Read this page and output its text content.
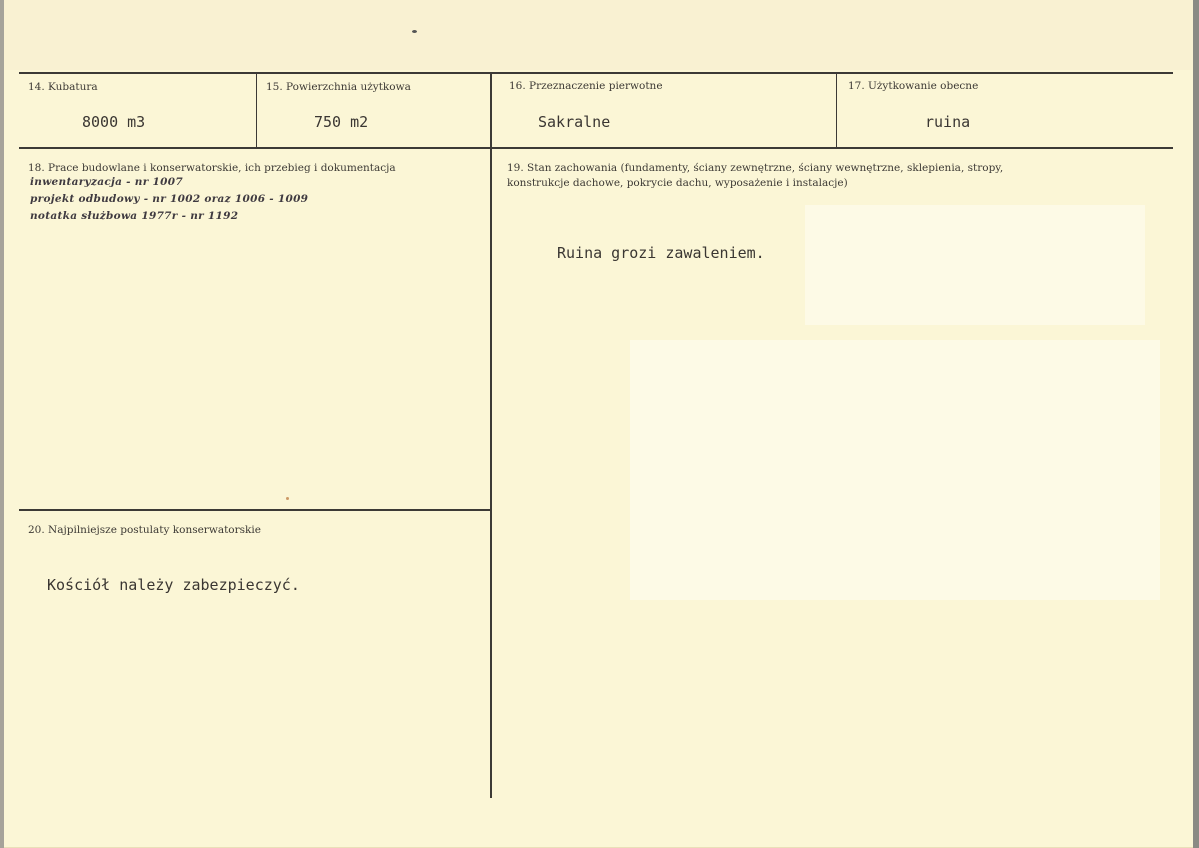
14. Kubatura
8000 m3
15. Powierzchnia użytkowa
750 m2
16. Przeznaczenie pierwotne
Sakralne
17. Użytkowanie obecne
ruina
18. Prace budowlane i konserwatorskie, ich przebieg i dokumentacja
inwentaryzacja - nr 1007
projekt odbudowy - nr 1002 oraz 1006 - 1009
notatka służbowa 1977r - nr 1192
19. Stan zachowania (fundamenty, ściany zewnętrzne, ściany wewnętrzne, sklepienia, stropy,
konstrukcje dachowe, pokrycie dachu, wyposażenie i instalacje)
Ruina grozi zawaleniem.
20. Najpilniejsze postulaty konserwatorskie
Kościół należy zabezpieczyć.
